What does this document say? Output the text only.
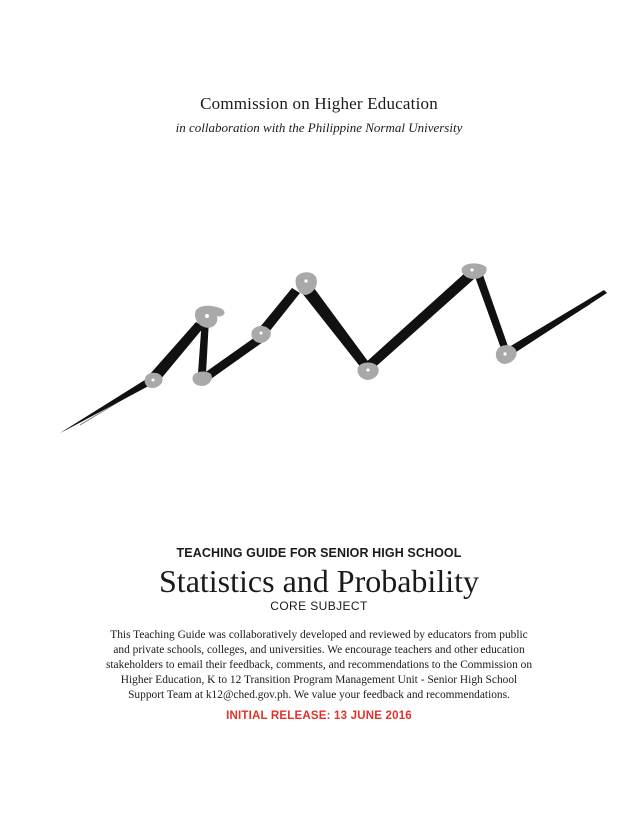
Commission on Higher Education
in collaboration with the Philippine Normal University
TEACHING GUIDE FOR SENIOR HIGH SCHOOL
Statistics and Probability
CORE SUBJECT
This Teaching Guide was collaboratively developed and reviewed by educators from public
and private schools, colleges, and universities. We encourage teachers and other education
stakeholders to email their feedback, comments, and recommendations to the Commission on
Higher Education, K to 12 Transition Program Management Unit - Senior High School
Support Team at k12@ched.gov.ph. We value your feedback and recommendations.
INITIAL RELEASE: 13 JUNE 2016
